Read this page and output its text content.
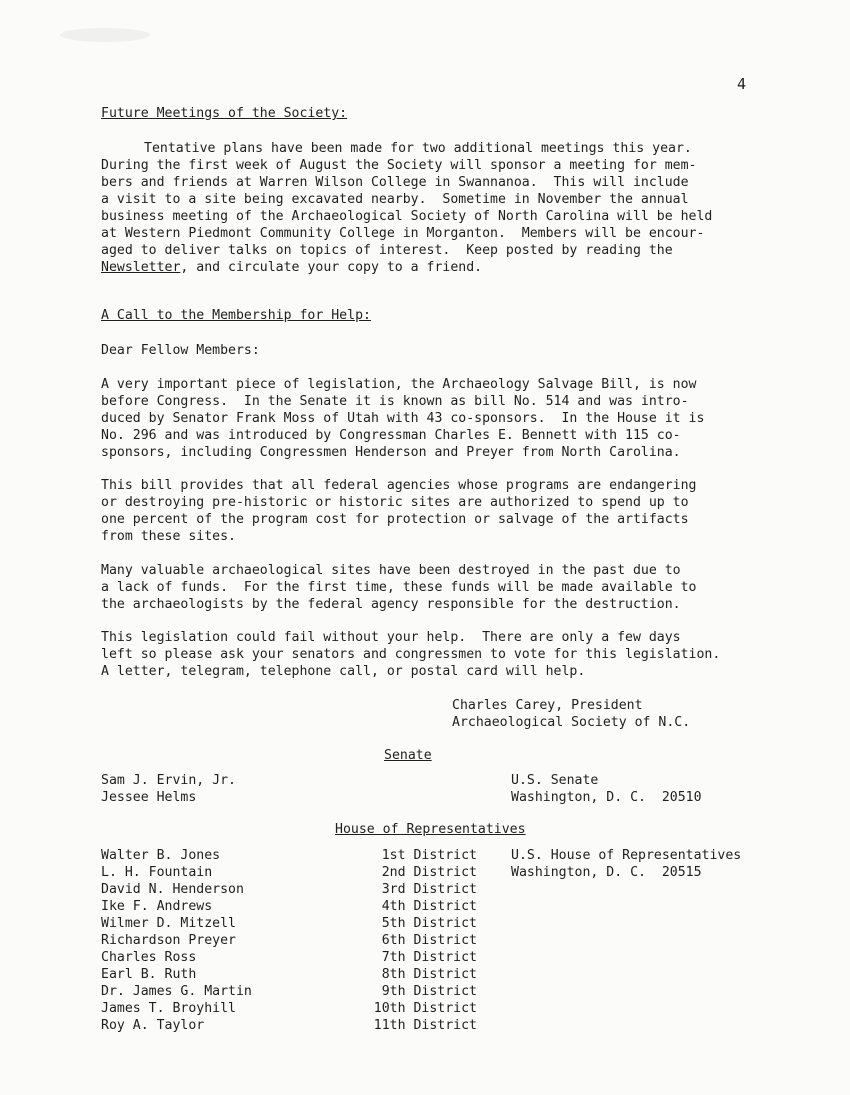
4
Future Meetings of the Society:

Tentative plans have been made for two additional meetings this year.
During the first week of August the Society will sponsor a meeting for mem-
bers and friends at Warren Wilson College in Swannanoa.  This will include
a visit to a site being excavated nearby.  Sometime in November the annual
business meeting of the Archaeological Society of North Carolina will be held
at Western Piedmont Community College in Morganton.  Members will be encour-
aged to deliver talks on topics of interest.  Keep posted by reading the
Newsletter, and circulate your copy to a friend.

A Call to the Membership for Help:

Dear Fellow Members:

A very important piece of legislation, the Archaeology Salvage Bill, is now
before Congress.  In the Senate it is known as bill No. 514 and was intro-
duced by Senator Frank Moss of Utah with 43 co-sponsors.  In the House it is
No. 296 and was introduced by Congressman Charles E. Bennett with 115 co-
sponsors, including Congressmen Henderson and Preyer from North Carolina.

This bill provides that all federal agencies whose programs are endangering
or destroying pre-historic or historic sites are authorized to spend up to
one percent of the program cost for protection or salvage of the artifacts
from these sites.

Many valuable archaeological sites have been destroyed in the past due to
a lack of funds.  For the first time, these funds will be made available to
the archaeologists by the federal agency responsible for the destruction.

This legislation could fail without your help.  There are only a few days
left so please ask your senators and congressmen to vote for this legislation.
A letter, telegram, telephone call, or postal card will help.

Charles Carey, President
Archaeological Society of N.C.
Senate
Sam J. Ervin, Jr.
Jessee Helms
U.S. Senate
Washington, D. C.  20510
House of Representatives
Walter B. Jones
L. H. Fountain
David N. Henderson
Ike F. Andrews
Wilmer D. Mitzell
Richardson Preyer
Charles Ross
Earl B. Ruth
Dr. James G. Martin
James T. Broyhill
Roy A. Taylor
1st District
2nd District
3rd District
4th District
5th District
6th District
7th District
8th District
9th District
10th District
11th District
U.S. House of Representatives
Washington, D. C.  20515
